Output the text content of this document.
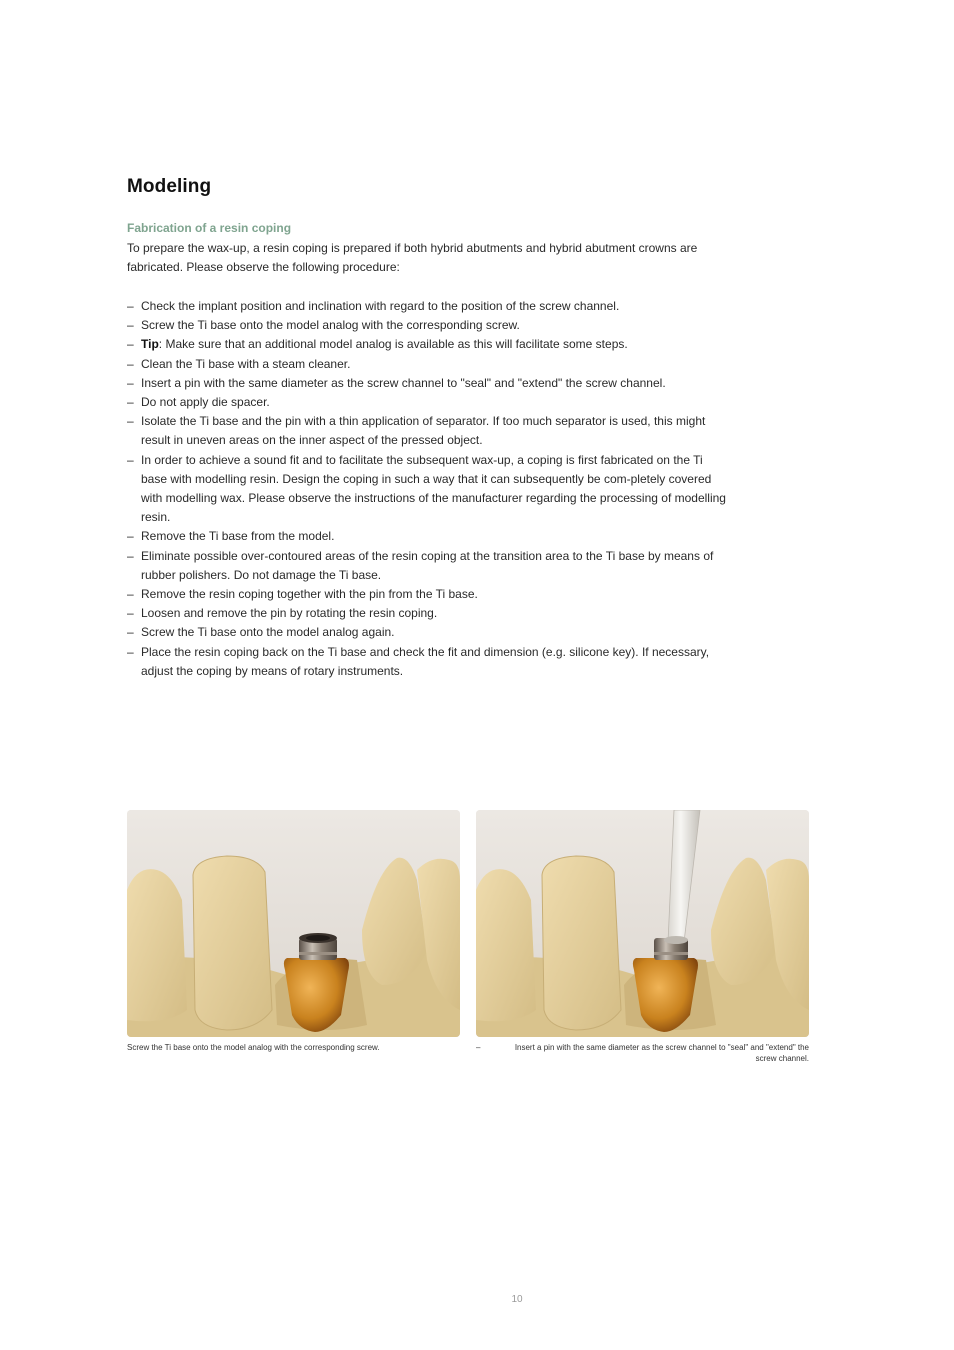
Modeling
Fabrication of a resin coping

To prepare the wax-up, a resin coping is prepared if both hybrid abutments and hybrid abutment crowns are fabricated. Please observe the following procedure:

– Check the implant position and inclination with regard to the position of the screw channel.
– Screw the Ti base onto the model analog with the corresponding screw.
– Tip: Make sure that an additional model analog is available as this will facilitate some steps.
– Clean the Ti base with a steam cleaner.
– Insert a pin with the same diameter as the screw channel to "seal" and "extend" the screw channel.
– Do not apply die spacer.
– Isolate the Ti base and the pin with a thin application of separator. If too much separator is used, this might result in uneven areas on the inner aspect of the pressed object.
– In order to achieve a sound fit and to facilitate the subsequent wax-up, a coping is first fabricated on the Ti base with modelling resin. Design the coping in such a way that it can subsequently be com-pletely covered with modelling wax. Please observe the instructions of the manufacturer regarding the processing of modelling resin.
– Remove the Ti base from the model.
– Eliminate possible over-contoured areas of the resin coping at the transition area to the Ti base by means of rubber polishers. Do not damage the Ti base.
– Remove the resin coping together with the pin from the Ti base.
– Loosen and remove the pin by rotating the resin coping.
– Screw the Ti base onto the model analog again.
– Place the resin coping back on the Ti base and check the fit and dimension (e.g. silicone key). If necessary, adjust the coping by means of rotary instruments.
Screw the Ti base onto the model analog with the corresponding screw.	–	Insert a pin with the same diameter as the screw channel to "seal" and "extend" the screw channel.
10
